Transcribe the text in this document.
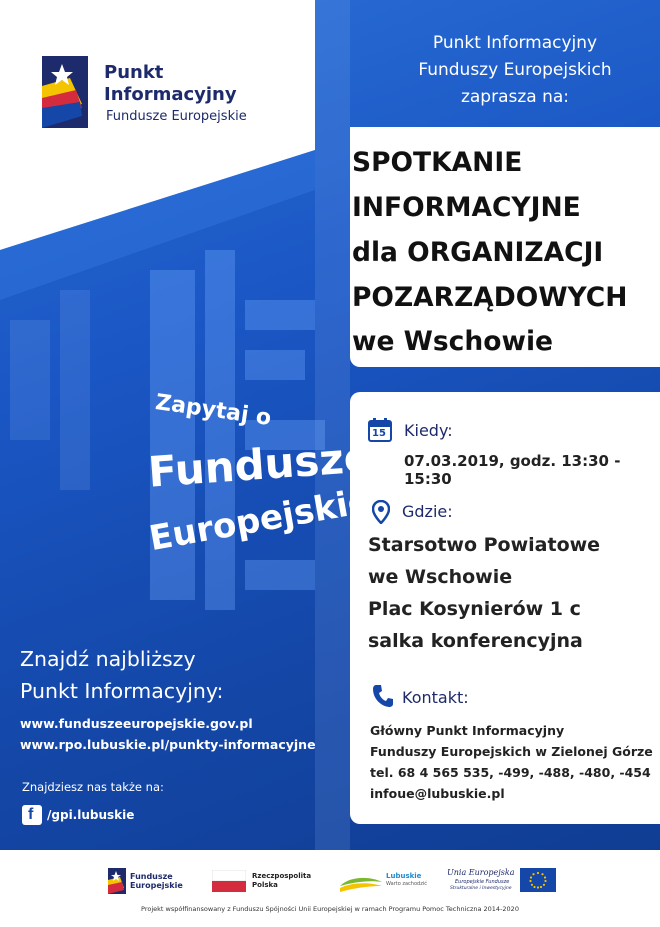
Punkt
Informacyjny
Fundusze Europejskie
Punkt Informacyjny
Funduszy Europejskich
zaprasza na:
SPOTKANIE
INFORMACYJNE
dla ORGANIZACJI
POZARZĄDOWYCH
we Wschowie
15 Kiedy:
07.03.2019, godz. 13:30 - 15:30
Gdzie:
Starsotwo Powiatowe
we Wschowie
Plac Kosynierów 1 c
salka konferencyjna
Kontakt:
Główny Punkt Informacyjny
Funduszy Europejskich w Zielonej Górze
tel. 68 4 565 535, -499, -488, -480, -454
infoue@lubuskie.pl
Zapytaj o
Fundusze
Europejskie
Znajdź najbliższy
Punkt Informacyjny:
www.funduszeeuropejskie.gov.pl
www.rpo.lubuskie.pl/punkty-informacyjne
Znajdziesz nas także na:
f /gpi.lubuskie
Fundusze
Europejskie
Rzeczpospolita
Polska
Lubuskie
Warto zachodzić
Unia Europejska
Europejskie Fundusze
Strukturalne i Inwestycyjne
Projekt współfinansowany z Funduszu Spójności Unii Europejskiej w ramach Programu Pomoc Techniczna 2014-2020
